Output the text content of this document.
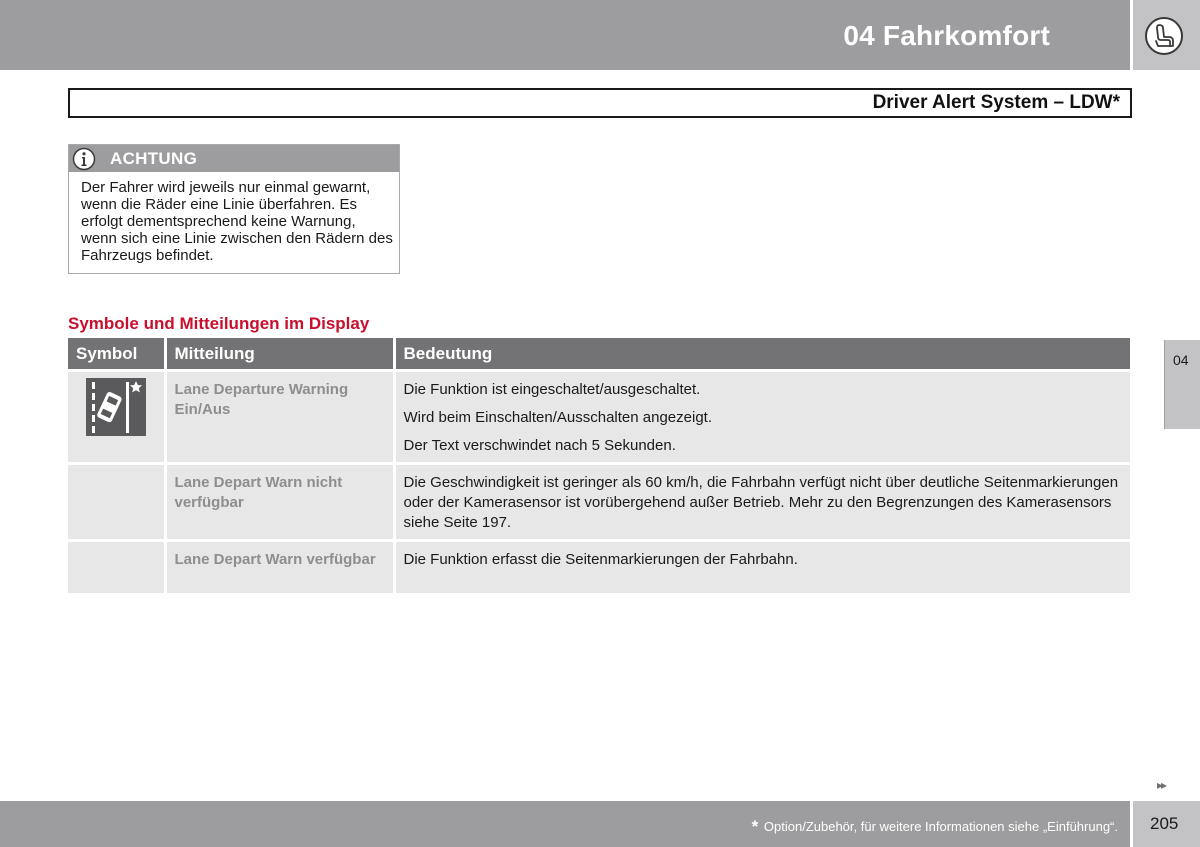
04 Fahrkomfort
Driver Alert System – LDW*
ACHTUNG
Der Fahrer wird jeweils nur einmal gewarnt, wenn die Räder eine Linie überfahren. Es erfolgt dementsprechend keine Warnung, wenn sich eine Linie zwischen den Rädern des Fahrzeugs befindet.
Symbole und Mitteilungen im Display
Symbol	Mitteilung	Bedeutung

	Lane Departure Warning Ein/Aus	Die Funktion ist eingeschaltet/ausgeschaltet.

Wird beim Einschalten/Ausschalten angezeigt.

Der Text verschwindet nach 5 Sekunden.

	Lane Depart Warn nicht verfügbar	Die Geschwindigkeit ist geringer als 60 km/h, die Fahrbahn verfügt nicht über deutliche Seitenmarkierungen oder der Kamerasensor ist vorübergehend außer Betrieb. Mehr zu den Begrenzungen des Kamerasensors siehe Seite 197.

	Lane Depart Warn verfügbar	Die Funktion erfasst die Seitenmarkierungen der Fahrbahn.

04
▸▸
* Option/Zubehör, für weitere Informationen siehe „Einführung“. 205
